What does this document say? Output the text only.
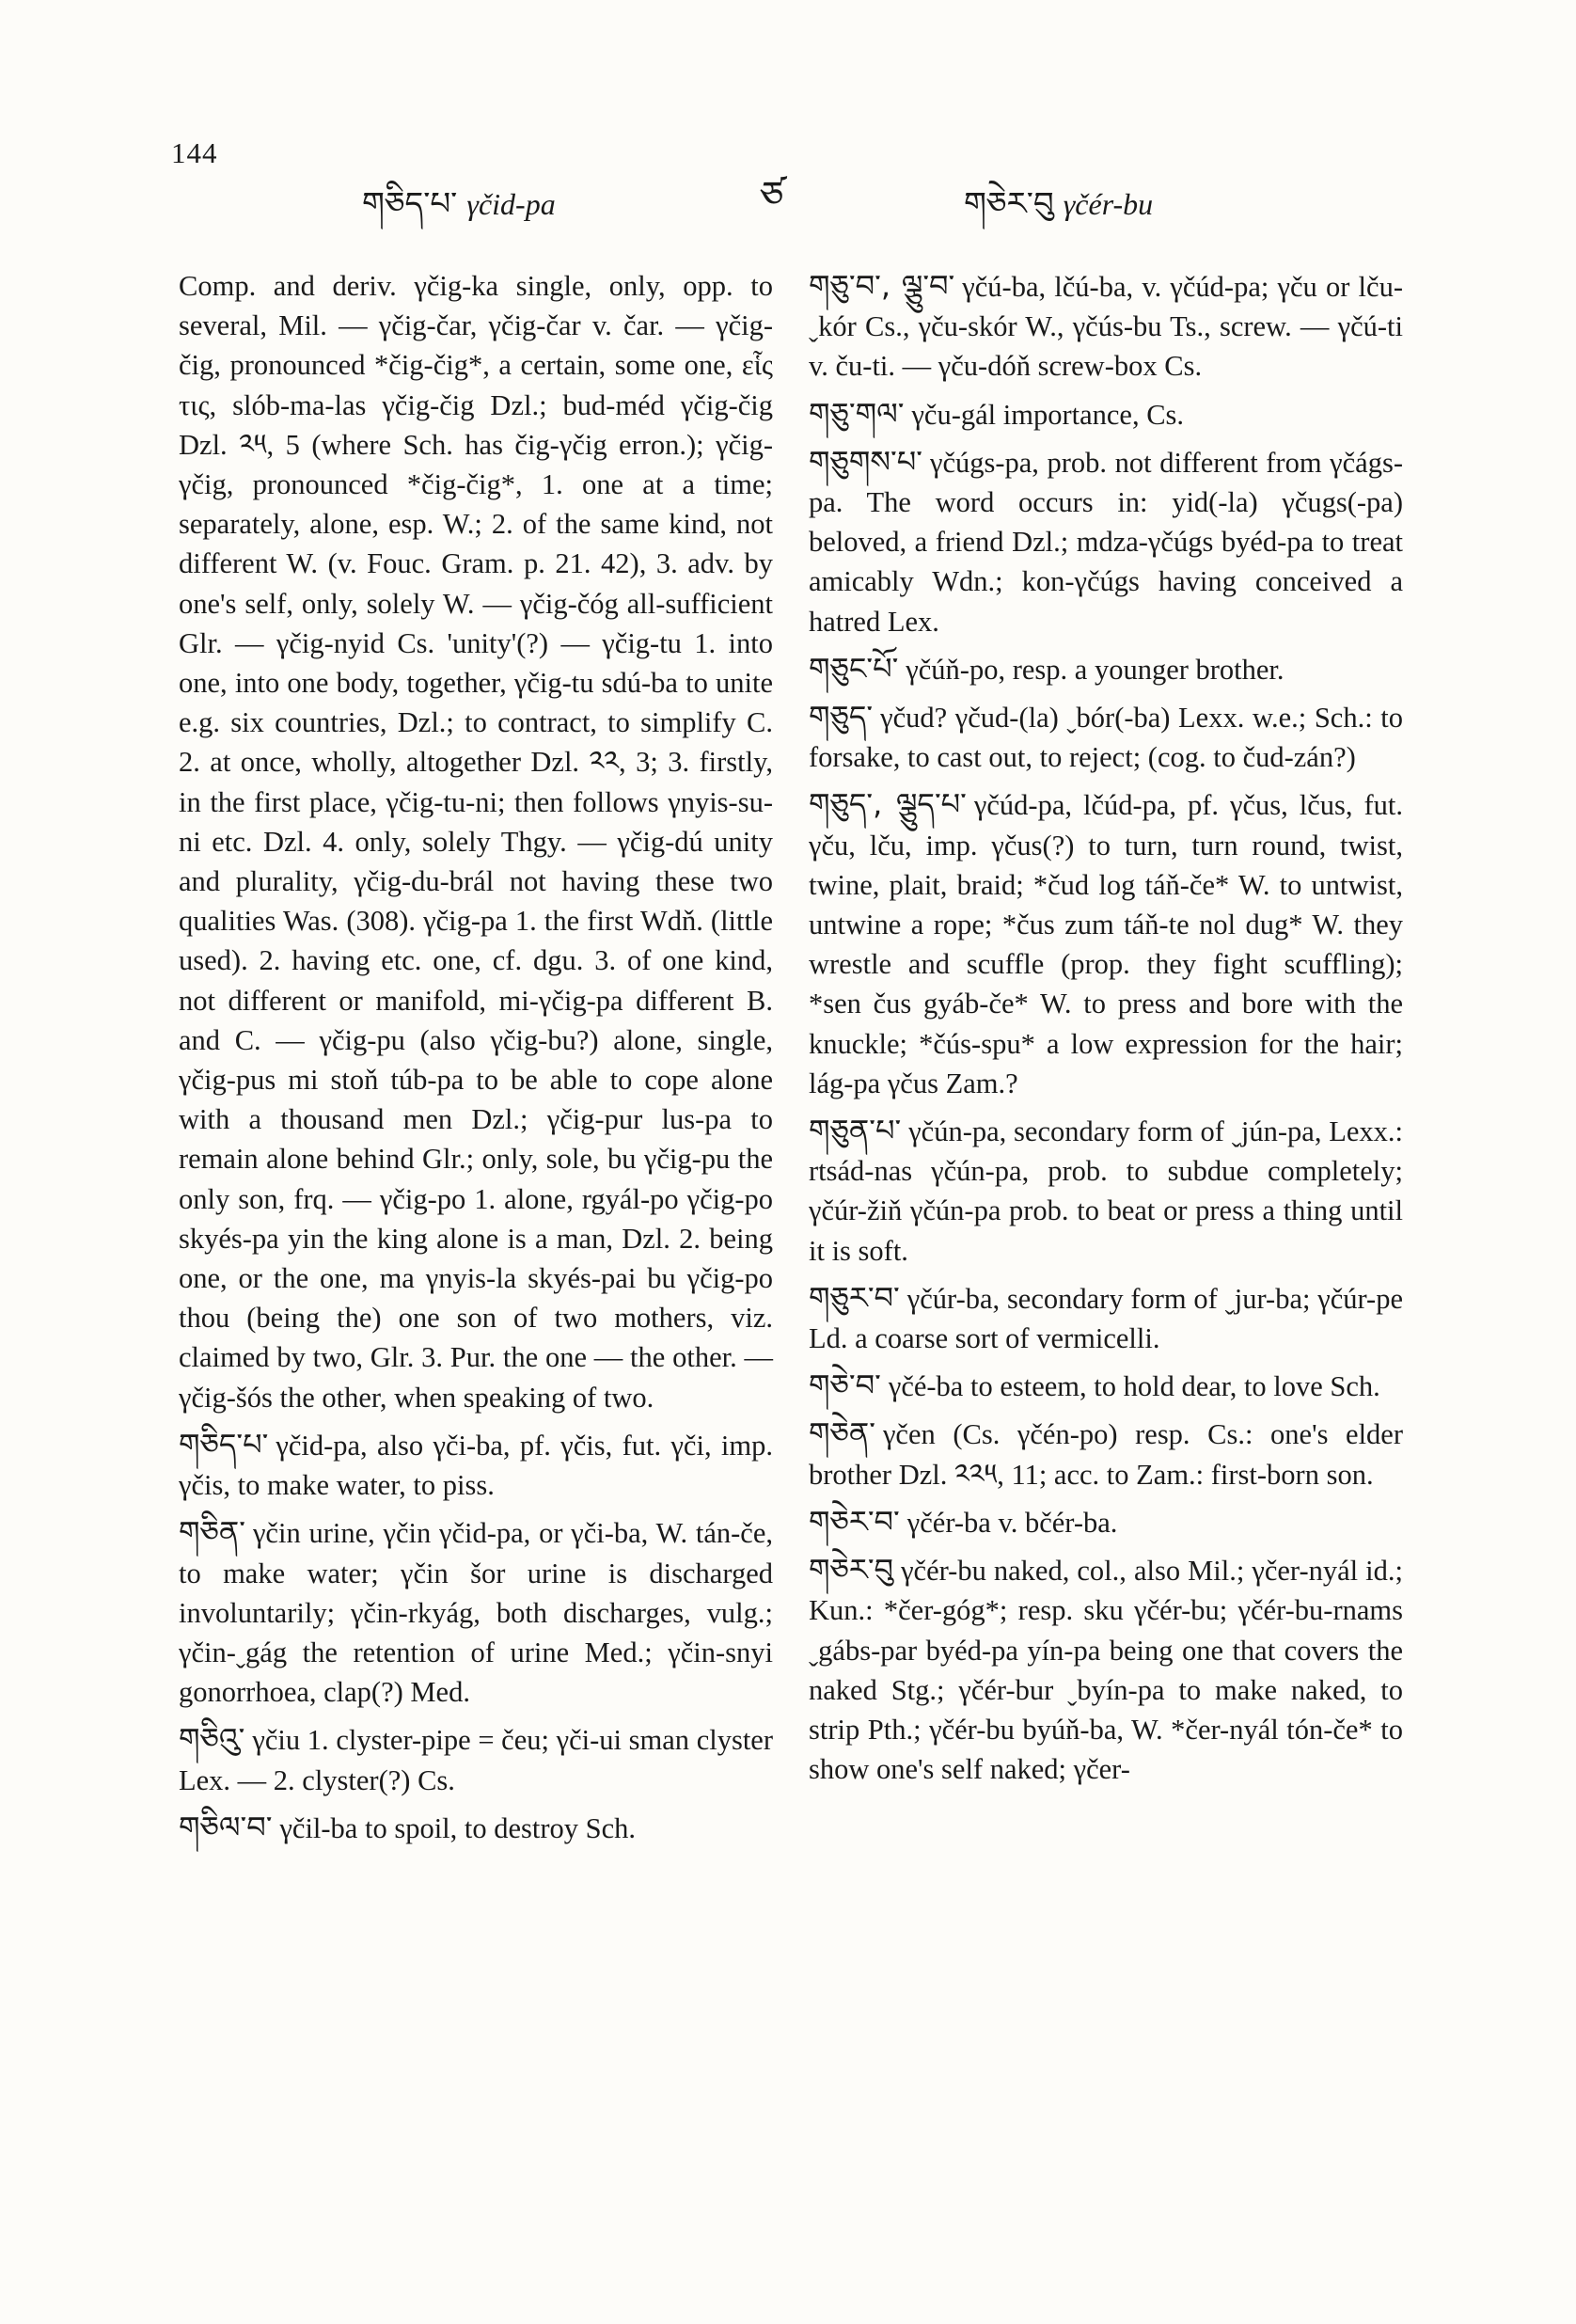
144
གཅིད་པ་ γčid-pa	ཙ	གཅེར་བུ γčér-bu

Comp. and deriv. γčig-ka single, only, opp. to several, Mil. — γčig-čar, γčig-čar v. čar. — γčig-čig, pronounced *čig-čig*, a certain, some one, εἷς τις, slób-ma-las γčig-čig Dzl.; bud-méd γčig-čig Dzl. ༢༥, 5 (where Sch. has čig-γčig erron.); γčig-γčig, pronounced *čig-čig*, 1. one at a time; separately, alone, esp. W.; 2. of the same kind, not different W. (v. Fouc. Gram. p. 21. 42), 3. adv. by one's self, only, solely W. — γčig-čóg all-sufficient Glr. — γčig-nyid Cs. 'unity'(?) — γčig-tu 1. into one, into one body, together, γčig-tu sdú-ba to unite e.g. six countries, Dzl.; to contract, to simplify C. 2. at once, wholly, altogether Dzl. ༢༢, 3; 3. firstly, in the first place, γčig-tu-ni; then follows γnyis-su-ni etc. Dzl. 4. only, solely Thgy. — γčig-dú unity and plurality, γčig-du-brál not having these two qualities Was. (308). γčig-pa 1. the first Wdň. (little used). 2. having etc. one, cf. dgu. 3. of one kind, not different or manifold, mi-γčig-pa different B. and C. — γčig-pu (also γčig-bu?) alone, single, γčig-pus mi stoň túb-pa to be able to cope alone with a thousand men Dzl.; γčig-pur lus-pa to remain alone behind Glr.; only, sole, bu γčig-pu the only son, frq. — γčig-po 1. alone, rgyál-po γčig-po skyés-pa yin the king alone is a man, Dzl. 2. being one, or the one, ma γnyis-la skyés-pai bu γčig-po thou (being the) one son of two mothers, viz. claimed by two, Glr. 3. Pur. the one — the other. — γčig-šós the other, when speaking of two.

གཅིད་པ་ γčid-pa, also γči-ba, pf. γčis, fut. γči, imp. γčis, to make water, to piss.

གཅིན་ γčin urine, γčin γčid-pa, or γči-ba, W. tán-če, to make water; γčin šor urine is discharged involuntarily; γčin-rkyág, both discharges, vulg.; γčin-ˬgág the retention of urine Med.; γčin-snyi gonorrhoea, clap(?) Med.

གཅིའུ་ γčiu 1. clyster-pipe = čeu; γči-ui sman clyster Lex. — 2. clyster(?) Cs.

གཅིལ་བ་ γčil-ba to spoil, to destroy Sch.

གཅུ་བ་, ལྕུ་བ་ γčú-ba, lčú-ba, v. γčúd-pa; γču or lču-ˬkór Cs., γču-skór W., γčús-bu Ts., screw. — γčú-ti v. ču-ti. — γču-dóň screw-box Cs.

གཅུ་གལ་ γču-gál importance, Cs.

གཅུགས་པ་ γčúgs-pa, prob. not different from γčágs-pa. The word occurs in: yid(-la) γčugs(-pa) beloved, a friend Dzl.; mdza-γčúgs byéd-pa to treat amicably Wdn.; kon-γčúgs having conceived a hatred Lex.

གཅུང་པོ་ γčúň-po, resp. a younger brother.

གཅུད་ γčud? γčud-(la) ˬbór(-ba) Lexx. w.e.; Sch.: to forsake, to cast out, to reject; (cog. to čud-zán?)

གཅུད་, ལྕུད་པ་ γčúd-pa, lčúd-pa, pf. γčus, lčus, fut. γču, lču, imp. γčus(?) to turn, turn round, twist, twine, plait, braid; *čud log táň-če* W. to untwist, untwine a rope; *čus zum táň-te nol dug* W. they wrestle and scuffle (prop. they fight scuffling); *sen čus gyáb-če* W. to press and bore with the knuckle; *čús-spu* a low expression for the hair; lág-pa γčus Zam.?

གཅུན་པ་ γčún-pa, secondary form of ˬjún-pa, Lexx.: rtsád-nas γčún-pa, prob. to subdue completely; γčúr-žiň γčún-pa prob. to beat or press a thing until it is soft.

གཅུར་བ་ γčúr-ba, secondary form of ˬjur-ba; γčúr-pe Ld. a coarse sort of vermicelli.

གཅེ་བ་ γčé-ba to esteem, to hold dear, to love Sch.

གཅེན་ γčen (Cs. γčén-po) resp. Cs.: one's elder brother Dzl. ༢༢༥, 11; acc. to Zam.: first-born son.

གཅེར་བ་ γčér-ba v. bčér-ba.

གཅེར་བུ γčér-bu naked, col., also Mil.; γčer-nyál id.; Kun.: *čer-góg*; resp. sku γčér-bu; γčér-bu-rnams ˬgábs-par byéd-pa yín-pa being one that covers the naked Stg.; γčér-bur ˬbyín-pa to make naked, to strip Pth.; γčér-bu byúň-ba, W. *čer-nyál tón-če* to show one's self naked; γčer-
